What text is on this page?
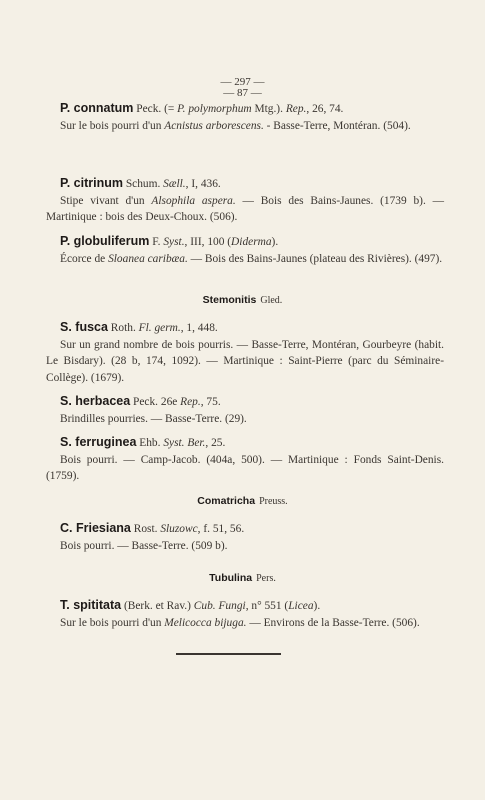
— 297 —
— 87 —
P. connatum Peck. (= P. polymorphum Mtg.). Rep., 26, 74.
Sur le bois pourri d'un Acnistus arborescens. - Basse-Terre, Montéran. (504).
P. citrinum Schum. Sæll., I, 436.
Stipe vivant d'un Alsophila aspera. — Bois des Bains-Jaunes. (1739 b). — Martinique : bois des Deux-Choux. (506).
P. globuliferum F. Syst., III, 100 (Diderma).
Écorce de Sloanea caribæa. — Bois des Bains-Jaunes (plateau des Rivières). (497).
Stemonitis Gled.
S. fusca Roth. Fl. germ., 1, 448.
Sur un grand nombre de bois pourris. — Basse-Terre, Montéran, Gourbeyre (habit. Le Bisdary). (28 b, 174, 1092). — Martinique : Saint-Pierre (parc du Séminaire-Collège). (1679).
S. herbacea Peck. 26e Rep., 75.
Brindilles pourries. — Basse-Terre. (29).
S. ferruginea Ehb. Syst. Ber., 25.
Bois pourri. — Camp-Jacob. (404a, 500). — Martinique : Fonds Saint-Denis. (1759).
Comatricha Preuss.
C. Friesiana Rost. Sluzowc, f. 51, 56.
Bois pourri. — Basse-Terre. (509 b).
Tubulina Pers.
T. spititata (Berk. et Rav.) Cub. Fungi, n° 551 (Licea).
Sur le bois pourri d'un Melicocca bijuga. — Environs de la Basse-Terre. (506).
